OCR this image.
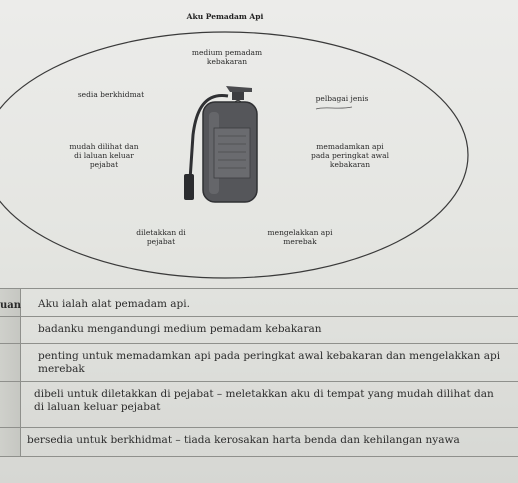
Aku Pemadam Api
medium pemadam
kebakaran
sedia berkhidmat	pelbagai jenis
mudah dilihat dan
di laluan keluar
pejabat
memadamkan api
pada peringkat awal
kebakaran
diletakkan di
pejabat
mengelakkan api
merebak
uan Aku ialah alat pemadam api.
badanku mengandungi medium pemadam kebakaran
penting untuk memadamkan api pada peringkat awal kebakaran dan mengelakkan api
merebak
dibeli untuk diletakkan di pejabat – meletakkan aku di tempat yang mudah dilihat dan
di laluan keluar pejabat
bersedia untuk berkhidmat – tiada kerosakan harta benda dan kehilangan nyawa
